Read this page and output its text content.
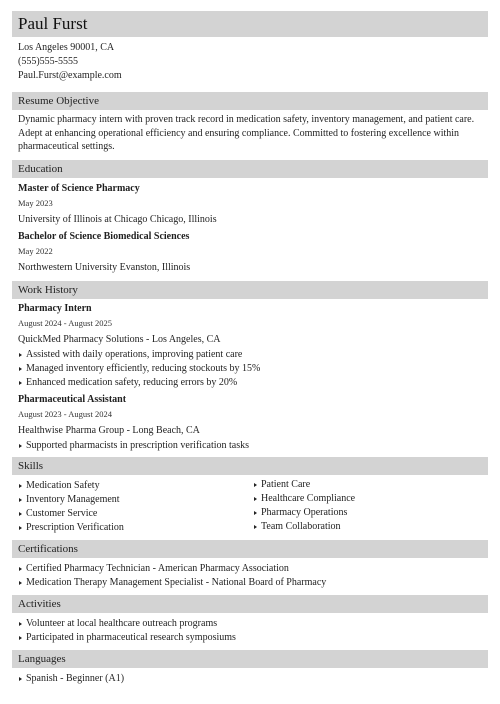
Paul Furst
Los Angeles 90001, CA
(555)555-5555
Paul.Furst@example.com
Resume Objective
Dynamic pharmacy intern with proven track record in medication safety, inventory management, and patient care. Adept at enhancing operational efficiency and ensuring compliance. Committed to fostering excellence within pharmaceutical settings.
Education
Master of Science Pharmacy
May 2023
University of Illinois at Chicago Chicago, Illinois
Bachelor of Science Biomedical Sciences
May 2022
Northwestern University Evanston, Illinois
Work History
Pharmacy Intern
August 2024 - August 2025
QuickMed Pharmacy Solutions - Los Angeles, CA
Assisted with daily operations, improving patient care
Managed inventory efficiently, reducing stockouts by 15%
Enhanced medication safety, reducing errors by 20%
Pharmaceutical Assistant
August 2023 - August 2024
Healthwise Pharma Group - Long Beach, CA
Supported pharmacists in prescription verification tasks
Skills
Medication Safety
Inventory Management
Customer Service
Prescription Verification
Patient Care
Healthcare Compliance
Pharmacy Operations
Team Collaboration
Certifications
Certified Pharmacy Technician - American Pharmacy Association
Medication Therapy Management Specialist - National Board of Pharmacy
Activities
Volunteer at local healthcare outreach programs
Participated in pharmaceutical research symposiums
Languages
Spanish - Beginner (A1)
